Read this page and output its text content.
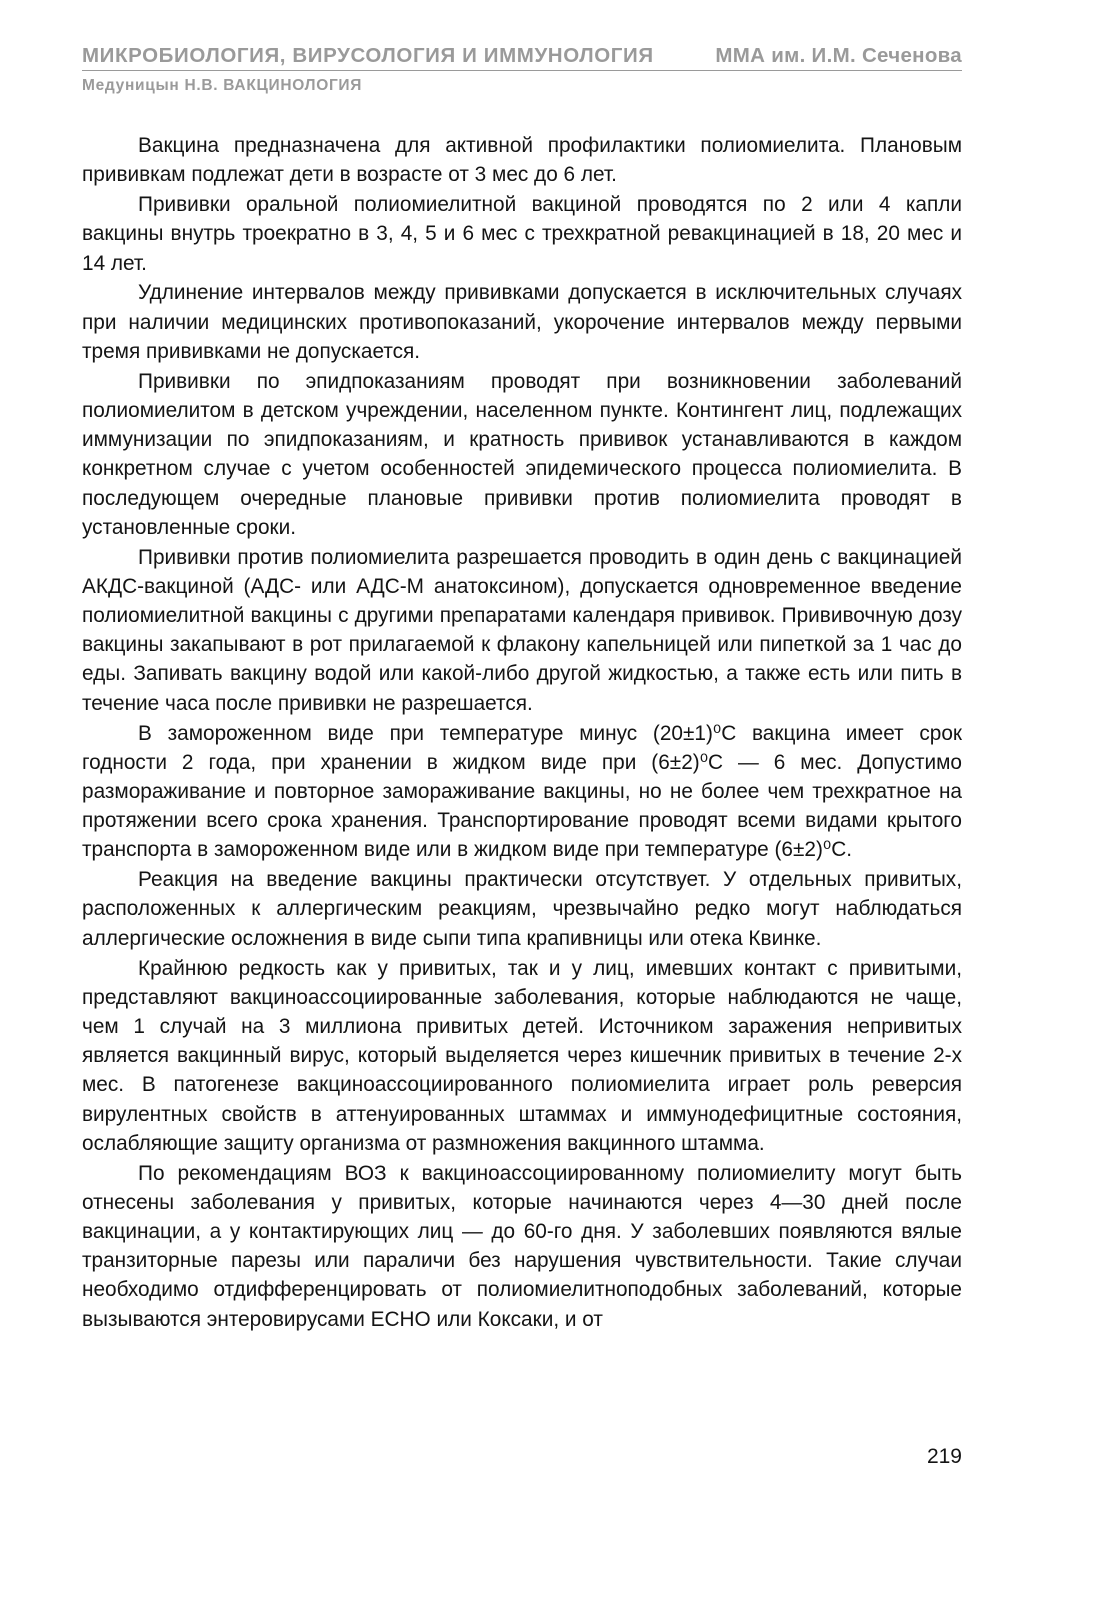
МИКРОБИОЛОГИЯ, ВИРУСОЛОГИЯ И ИММУНОЛОГИЯ	ММА им. И.М. Сеченова
Медуницын Н.В. ВАКЦИНОЛОГИЯ

Вакцина предназначена для активной профилактики полиомиелита. Плановым прививкам подлежат дети в возрасте от 3 мес до 6 лет.

Прививки оральной полиомиелитной вакциной проводятся по 2 или 4 капли вакцины внутрь троекратно в 3, 4, 5 и 6 мес с трехкратной ревакцинацией в 18, 20 мес и 14 лет.

Удлинение интервалов между прививками допускается в исключительных случаях при наличии медицинских противопоказаний, укорочение интервалов между первыми тремя прививками не допускается.

Прививки по эпидпоказаниям проводят при возникновении заболеваний полиомиелитом в детском учреждении, населенном пункте. Контингент лиц, подлежащих иммунизации по эпидпоказаниям, и кратность прививок устанавливаются в каждом конкретном случае с учетом особенностей эпидемического процесса полиомиелита. В последующем очередные плановые прививки против полиомиелита проводят в установленные сроки.

Прививки против полиомиелита разрешается проводить в один день с вакцинацией АКДС-вакциной (АДС- или АДС-М анатоксином), допускается одновременное введение полиомиелитной вакцины с другими препаратами календаря прививок. Прививочную дозу вакцины закапывают в рот прилагаемой к флакону капельницей или пипеткой за 1 час до еды. Запивать вакцину водой или какой-либо другой жидкостью, а также есть или пить в течение часа после прививки не разрешается.

В замороженном виде при температуре минус (20±1)⁰С вакцина имеет срок годности 2 года, при хранении в жидком виде при (6±2)⁰С — 6 мес. Допустимо размораживание и повторное замораживание вакцины, но не более чем трехкратное на протяжении всего срока хранения. Транспортирование проводят всеми видами крытого транспорта в замороженном виде или в жидком виде при температуре (6±2)⁰С.

Реакция на введение вакцины практически отсутствует. У отдельных привитых, расположенных к аллергическим реакциям, чрезвычайно редко могут наблюдаться аллергические осложнения в виде сыпи типа крапивницы или отека Квинке.

Крайнюю редкость как у привитых, так и у лиц, имевших контакт с привитыми, представляют вакциноассоциированные заболевания, которые наблюдаются не чаще, чем 1 случай на 3 миллиона привитых детей. Источником заражения непривитых является вакцинный вирус, который выделяется через кишечник привитых в течение 2-х мес. В патогенезе вакциноассоциированного полиомиелита играет роль реверсия вирулентных свойств в аттенуированных штаммах и иммунодефицитные состояния, ослабляющие защиту организма от размножения вакцинного штамма.

По рекомендациям ВОЗ к вакциноассоциированному полиомиелиту могут быть отнесены заболевания у привитых, которые начинаются через 4—30 дней после вакцинации, а у контактирующих лиц — до 60-го дня. У заболевших появляются вялые транзиторные парезы или параличи без нарушения чувствительности. Такие случаи необходимо отдифференцировать от полиомиелитноподобных заболеваний, которые вызываются энтеровирусами ЕСНО или Коксаки, и от

219
